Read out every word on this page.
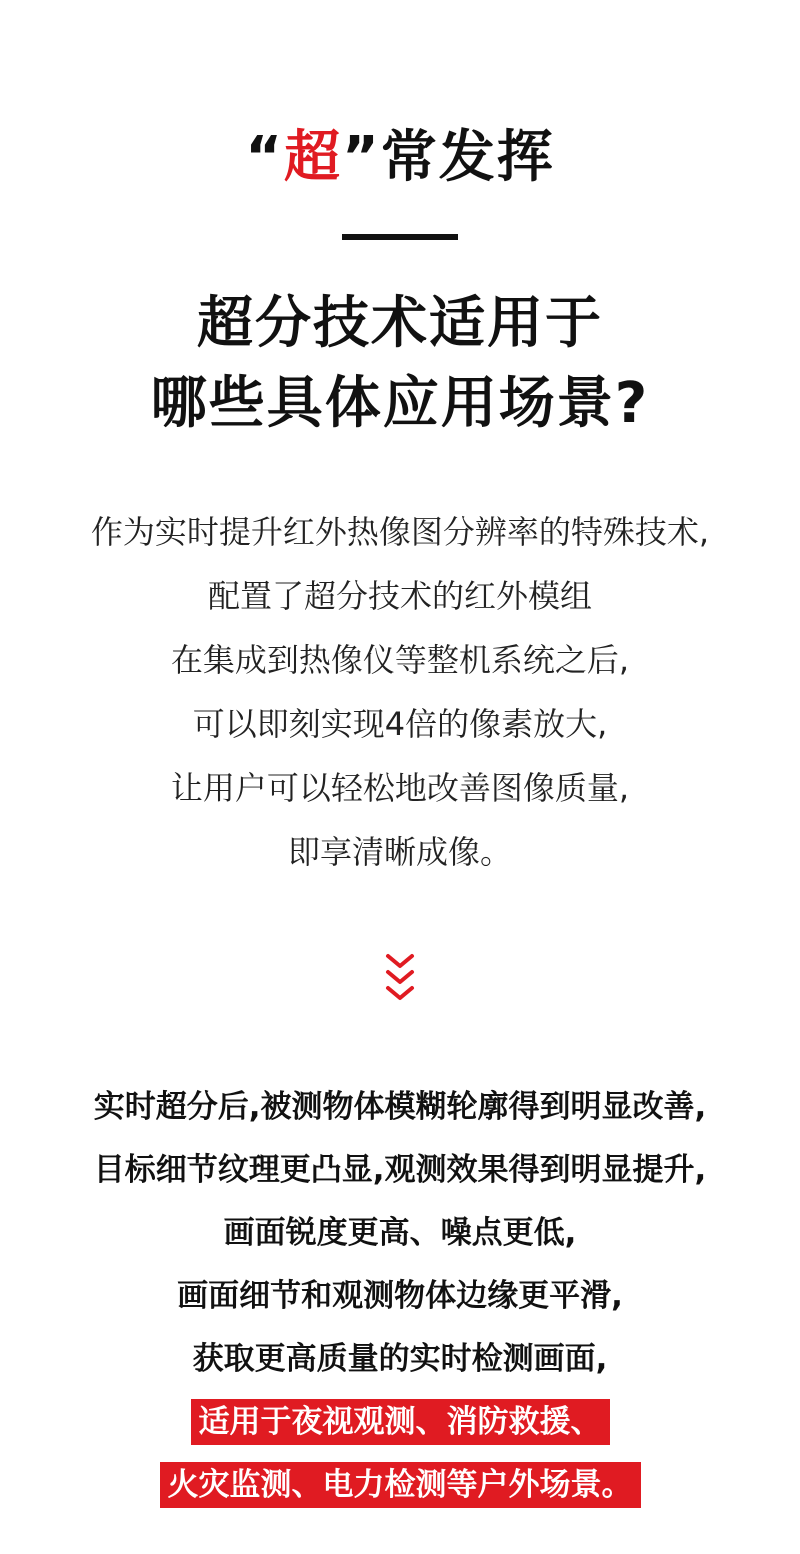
“超”常发挥
超分技术适用于
哪些具体应用场景?
作为实时提升红外热像图分辨率的特殊技术,
配置了超分技术的红外模组
在集成到热像仪等整机系统之后,
可以即刻实现4倍的像素放大,
让用户可以轻松地改善图像质量,
即享清晰成像。
实时超分后,被测物体模糊轮廓得到明显改善,
目标细节纹理更凸显,观测效果得到明显提升,
画面锐度更高、噪点更低,
画面细节和观测物体边缘更平滑,
获取更高质量的实时检测画面,
适用于夜视观测、消防救援、
火灾监测、电力检测等户外场景。
